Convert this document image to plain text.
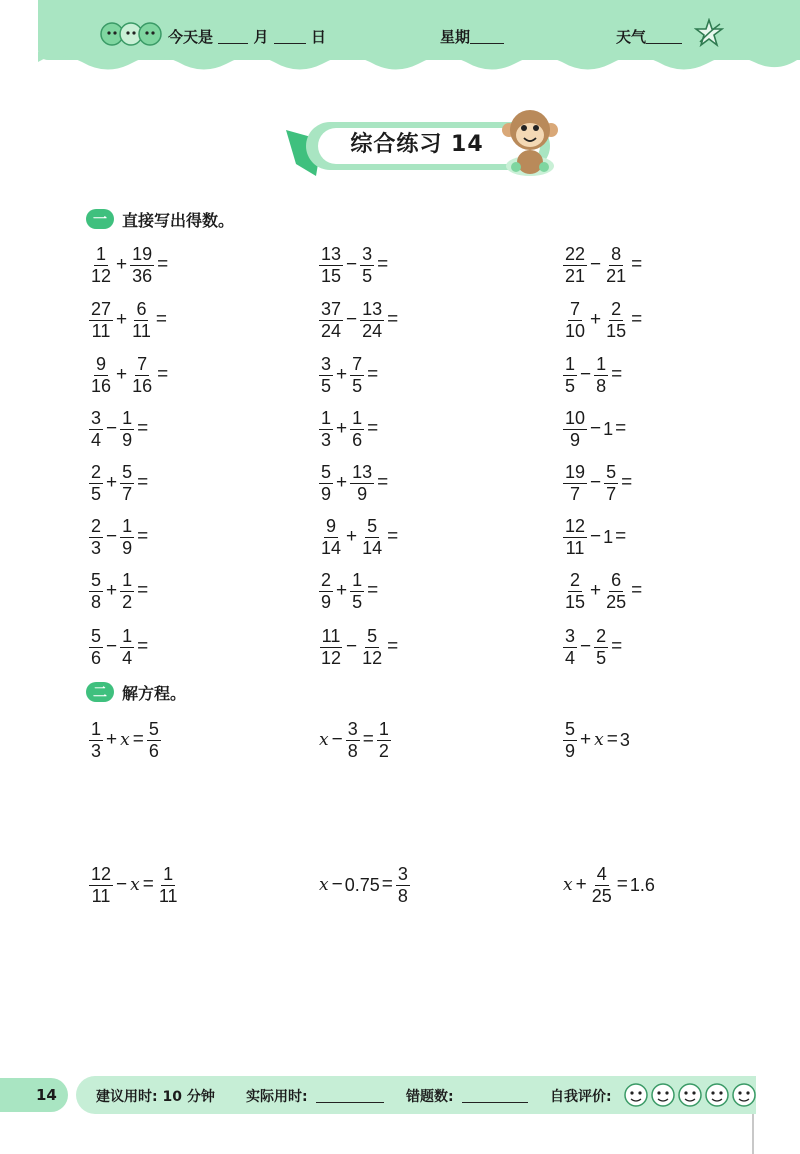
今天是	月	日	星期	天气
综合练习 14
一 直接写出得数。
$\frac{1}{12} + \frac{19}{36}$ =	$\frac{13}{15} - \frac{3}{5}$ =	$\frac{22}{21} - \frac{8}{21}$ =
$\frac{27}{11} + \frac{6}{11}$ =	$\frac{37}{24} - \frac{13}{24}$ =	$\frac{7}{10} + \frac{2}{15}$ =
$\frac{9}{16} + \frac{7}{16}$ =	$\frac{3}{5} + \frac{7}{5}$ =	$\frac{1}{5} - \frac{1}{8}$ =
$\frac{3}{4} - \frac{1}{9}$ =	$\frac{1}{3} + \frac{1}{6}$ =	$\frac{10}{9} - 1$ =
$\frac{2}{5} + \frac{5}{7}$ =	$\frac{5}{9} + \frac{13}{9}$ =	$\frac{19}{7} - \frac{5}{7}$ =
$\frac{2}{3} - \frac{1}{9}$ =	$\frac{9}{14} + \frac{5}{14}$ =	$\frac{12}{11} - 1$ =
$\frac{5}{8} + \frac{1}{2}$ =	$\frac{2}{9} + \frac{1}{5}$ =	$\frac{2}{15} + \frac{6}{25}$ =
$\frac{5}{6} - \frac{1}{4}$ =	$\frac{11}{12} - \frac{5}{12}$ =	$\frac{3}{4} - \frac{2}{5}$ =
二 解方程。
$\frac{1}{3} + x = \frac{5}{6}$	$x - \frac{3}{8} = \frac{1}{2}$	$\frac{5}{9} + x = 3$
$\frac{12}{11} - x = \frac{1}{11}$	$x - 0.75 = \frac{3}{8}$	$x + \frac{4}{25} = 1.6$
14	建议用时: 10 分钟 实际用时:	错题数:	自我评价:
